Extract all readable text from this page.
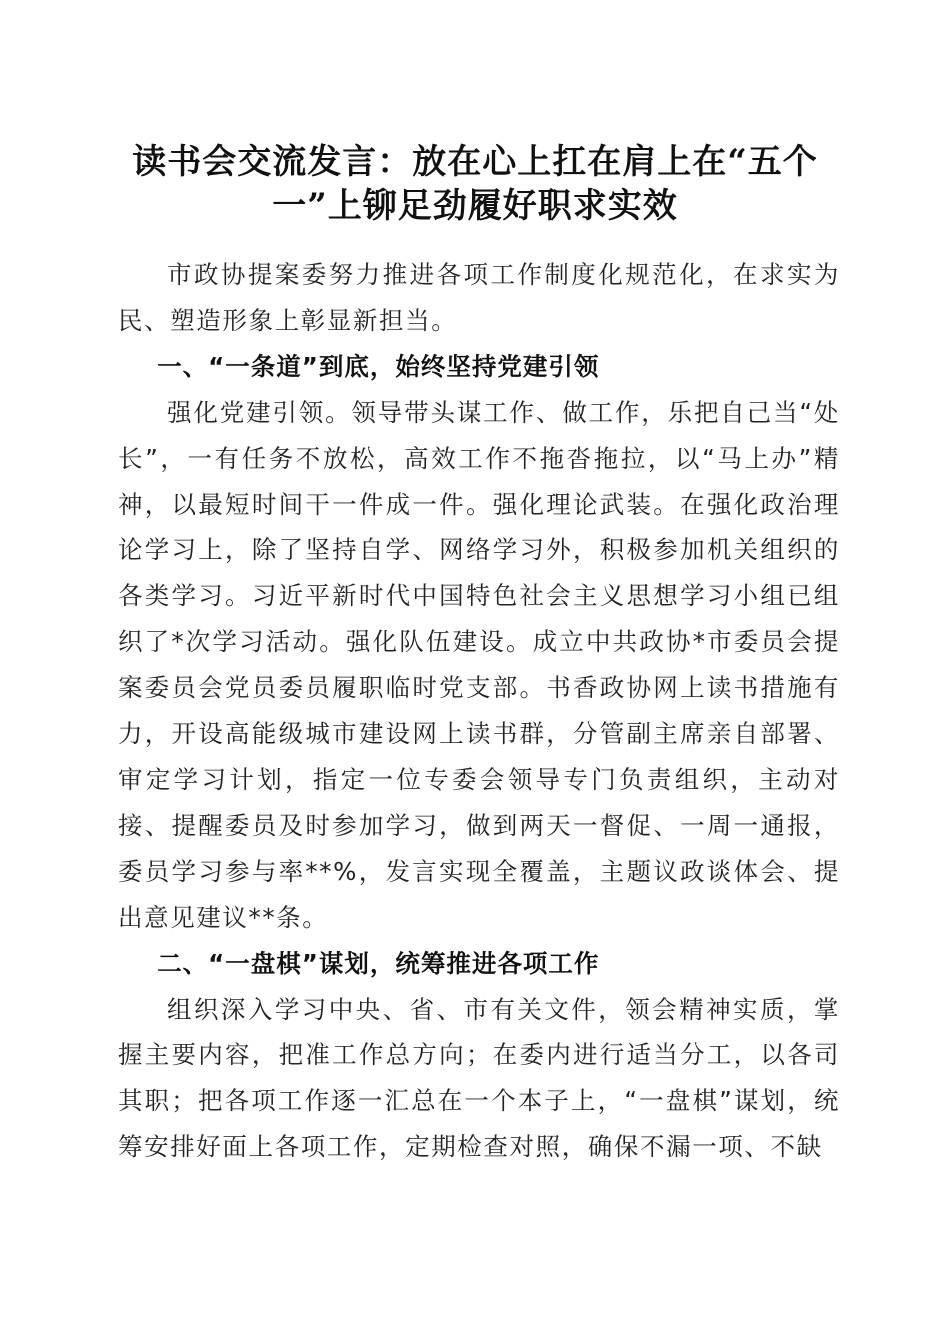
读书会交流发言：放在心上扛在肩上在“五个
一”上铆足劲履好职求实效

市政协提案委努力推进各项工作制度化规范化，在求实为民、塑造形象上彰显新担当。

一、“一条道”到底，始终坚持党建引领

强化党建引领。领导带头谋工作、做工作，乐把自己当“处长”，一有任务不放松，高效工作不拖沓拖拉，以“马上办”精神，以最短时间干一件成一件。强化理论武装。在强化政治理论学习上，除了坚持自学、网络学习外，积极参加机关组织的各类学习。习近平新时代中国特色社会主义思想学习小组已组织了*次学习活动。强化队伍建设。成立中共政协*市委员会提案委员会党员委员履职临时党支部。书香政协网上读书措施有力，开设高能级城市建设网上读书群，分管副主席亲自部署、审定学习计划，指定一位专委会领导专门负责组织，主动对接、提醒委员及时参加学习，做到两天一督促、一周一通报，委员学习参与率**%，发言实现全覆盖，主题议政谈体会、提出意见建议**条。

二、“一盘棋”谋划，统筹推进各项工作

组织深入学习中央、省、市有关文件，领会精神实质，掌握主要内容，把准工作总方向；在委内进行适当分工，以各司其职；把各项工作逐一汇总在一个本子上，“一盘棋”谋划，统筹安排好面上各项工作，定期检查对照，确保不漏一项、不缺
